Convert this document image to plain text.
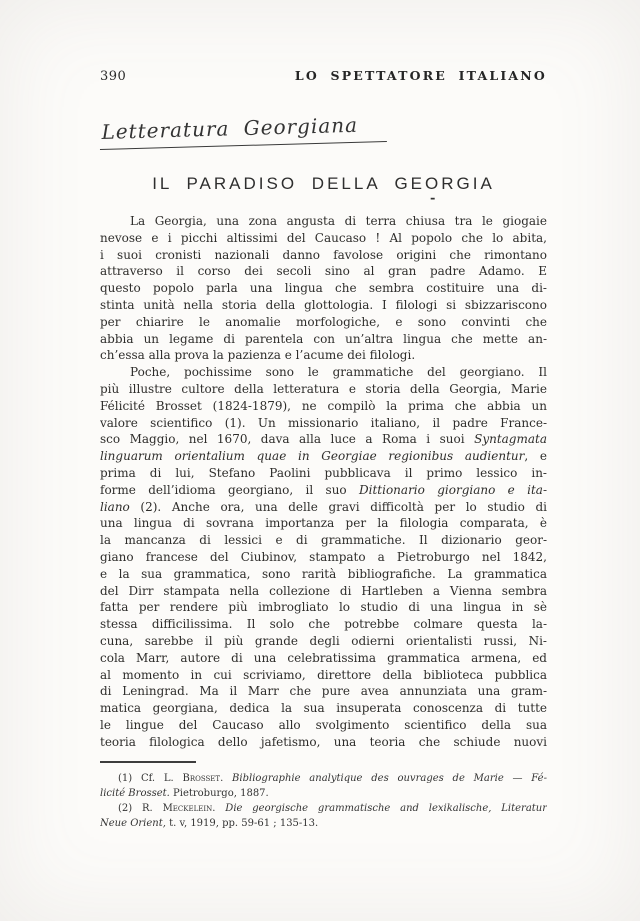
390	LO SPETTATORE ITALIANO
Letteratura Georgiana
IL PARADISO DELLA GEORGIA
-
La Georgia, una zona angusta di terra chiusa tra le giogaie
nevose e i picchi altissimi del Caucaso ! Al popolo che lo abita,
i suoi cronisti nazionali danno favolose origini che rimontano
attraverso il corso dei secoli sino al gran padre Adamo. E
questo popolo parla una lingua che sembra costituire una di-
stinta unità nella storia della glottologia. I filologi si sbizzariscono
per chiarire le anomalie morfologiche, e sono convinti che
abbia un legame di parentela con un’altra lingua che mette an-
ch’essa alla prova la pazienza e l’acume dei filologi.
Poche, pochissime sono le grammatiche del georgiano. Il
più illustre cultore della letteratura e storia della Georgia, Marie
Félicité Brosset (1824-1879), ne compilò la prima che abbia un
valore scientifico (1). Un missionario italiano, il padre France-
sco Maggio, nel 1670, dava alla luce a Roma i suoi Syntagmata
linguarum orientalium quae in Georgiae regionibus audientur, e
prima di lui, Stefano Paolini pubblicava il primo lessico in-
forme dell’idioma georgiano, il suo Dittionario giorgiano e ita-
liano (2). Anche ora, una delle gravi difficoltà per lo studio di
una lingua di sovrana importanza per la filologia comparata, è
la mancanza di lessici e di grammatiche. Il dizionario geor-
giano francese del Ciubinov, stampato a Pietroburgo nel 1842,
e la sua grammatica, sono rarità bibliografiche. La grammatica
del Dirr stampata nella collezione di Hartleben a Vienna sembra
fatta per rendere più imbrogliato lo studio di una lingua in sè
stessa difficilissima. Il solo che potrebbe colmare questa la-
cuna, sarebbe il più grande degli odierni orientalisti russi, Ni-
cola Marr, autore di una celebratissima grammatica armena, ed
al momento in cui scriviamo, direttore della biblioteca pubblica
di Leningrad. Ma il Marr che pure avea annunziata una gram-
matica georgiana, dedica la sua insuperata conoscenza di tutte
le lingue del Caucaso allo svolgimento scientifico della sua
teoria filologica dello jafetismo, una teoria che schiude nuovi
(1) Cf. L. Brosset. Bibliographie analytique des ouvrages de Marie — Fé-
licité Brosset. Pietroburgo, 1887.
(2) R. Meckelein. Die georgische grammatische and lexikalische, Literatur
Neue Orient, t. v, 1919, pp. 59-61 ; 135-13.
